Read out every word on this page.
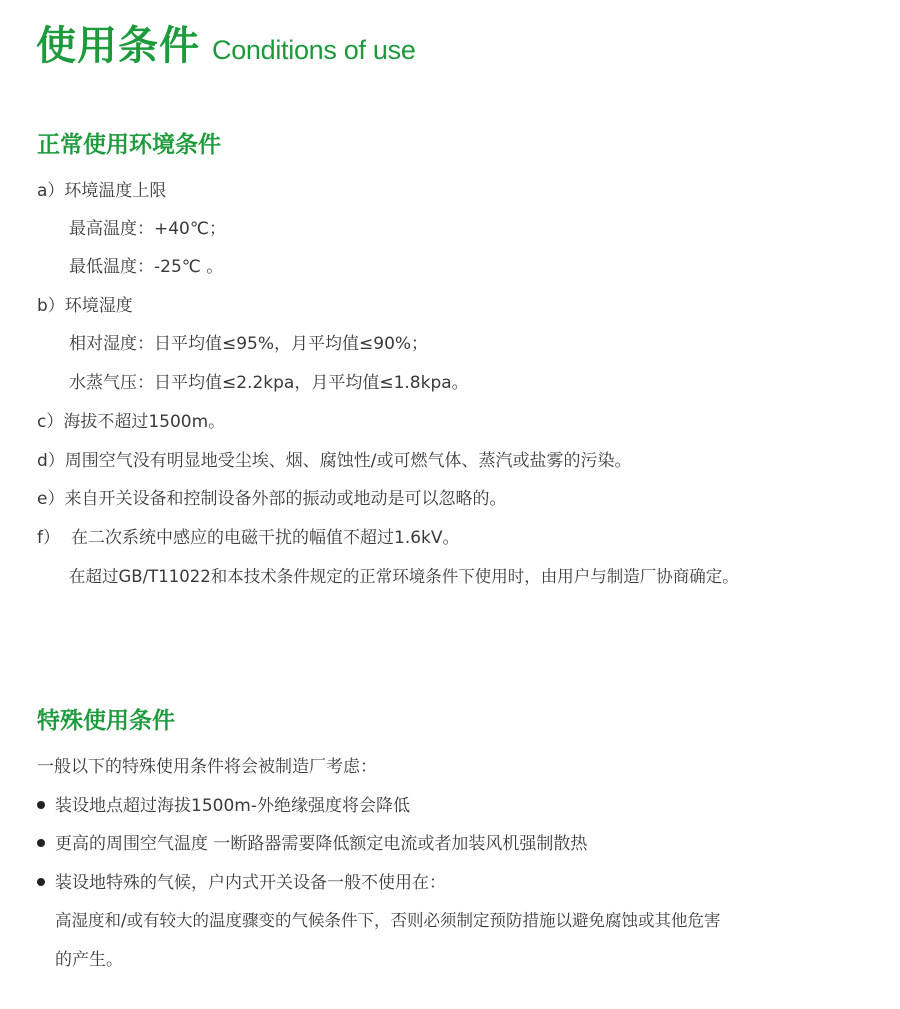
使用条件 Conditions of use
正常使用环境条件
a）环境温度上限
最高温度：+40℃；
最低温度：-25℃ 。
b）环境湿度
相对湿度：日平均值≤95%，月平均值≤90%；
水蒸气压：日平均值≤2.2kpa，月平均值≤1.8kpa。
c）海拔不超过1500m。
d）周围空气没有明显地受尘埃、烟、腐蚀性/或可燃气体、蒸汽或盐雾的污染。
e）来自开关设备和控制设备外部的振动或地动是可以忽略的。
f） 在二次系统中感应的电磁干扰的幅值不超过1.6kV。
在超过GB/T11022和本技术条件规定的正常环境条件下使用时，由用户与制造厂协商确定。
特殊使用条件
一般以下的特殊使用条件将会被制造厂考虑：
装设地点超过海拔1500m-外绝缘强度将会降低
更高的周围空气温度 一断路器需要降低额定电流或者加装风机强制散热
装设地特殊的气候，户内式开关设备一般不使用在：
高湿度和/或有较大的温度骤变的气候条件下，否则必须制定预防措施以避免腐蚀或其他危害
的产生。
